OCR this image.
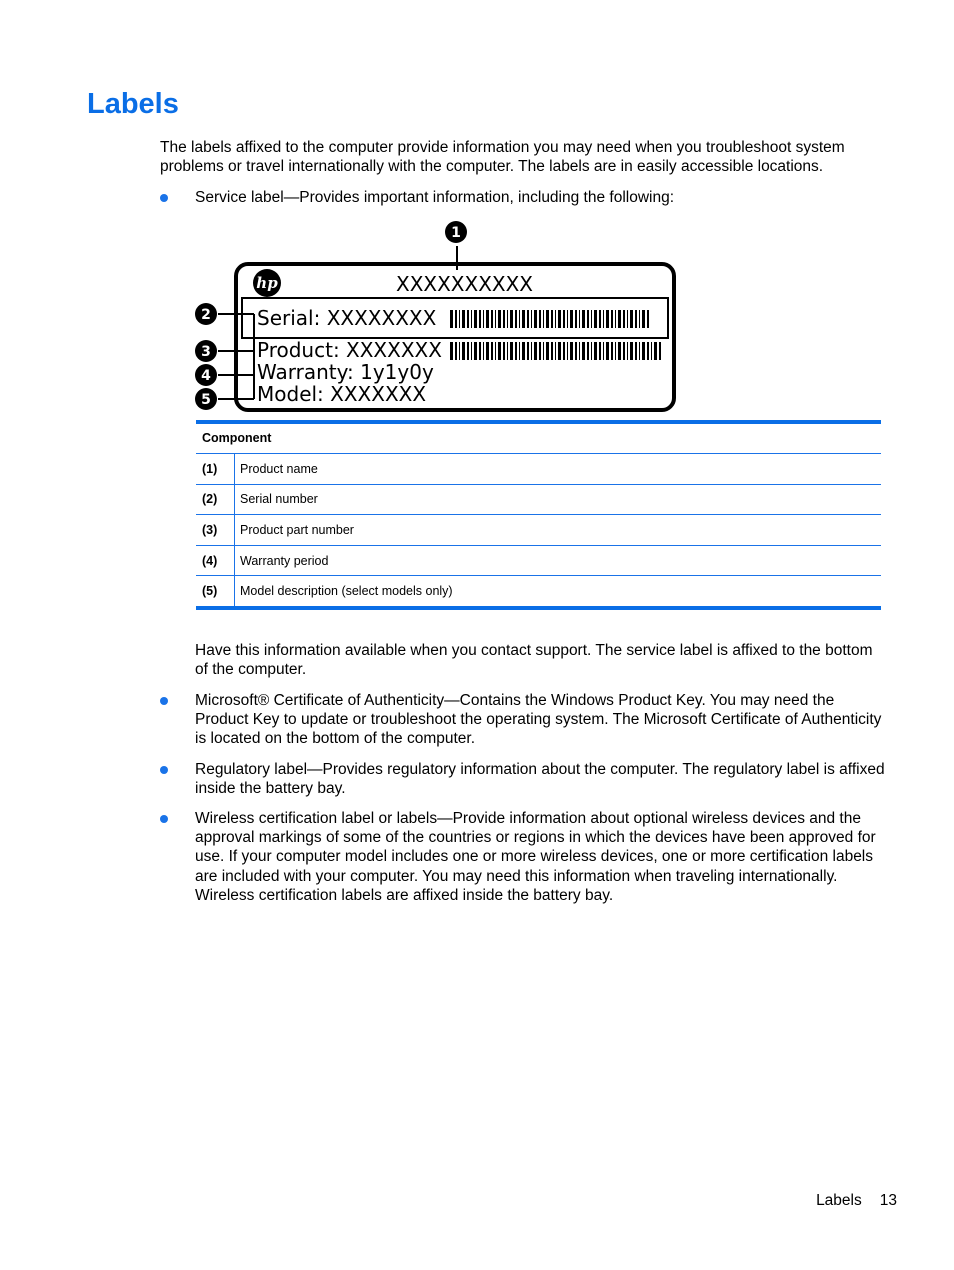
Labels

The labels affixed to the computer provide information you may need when you troubleshoot system problems or travel internationally with the computer. The labels are in easily accessible locations.

Service label—Provides important information, including the following:

hp	XXXXXXXXXX
Serial: XXXXXXXX
Product: XXXXXXX
Warranty: 1y1y0y
Model: XXXXXXX
1
2
3
4
5
Component
(1)	Product name
(2)	Serial number
(3)	Product part number
(4)	Warranty period
(5)	Model description (select models only)

Have this information available when you contact support. The service label is affixed to the bottom of the computer.

Microsoft® Certificate of Authenticity—Contains the Windows Product Key. You may need the Product Key to update or troubleshoot the operating system. The Microsoft Certificate of Authenticity is located on the bottom of the computer.

Regulatory label—Provides regulatory information about the computer. The regulatory label is affixed inside the battery bay.

Wireless certification label or labels—Provide information about optional wireless devices and the approval markings of some of the countries or regions in which the devices have been approved for use. If your computer model includes one or more wireless devices, one or more certification labels are included with your computer. You may need this information when traveling internationally. Wireless certification labels are affixed inside the battery bay.

Labels 13
